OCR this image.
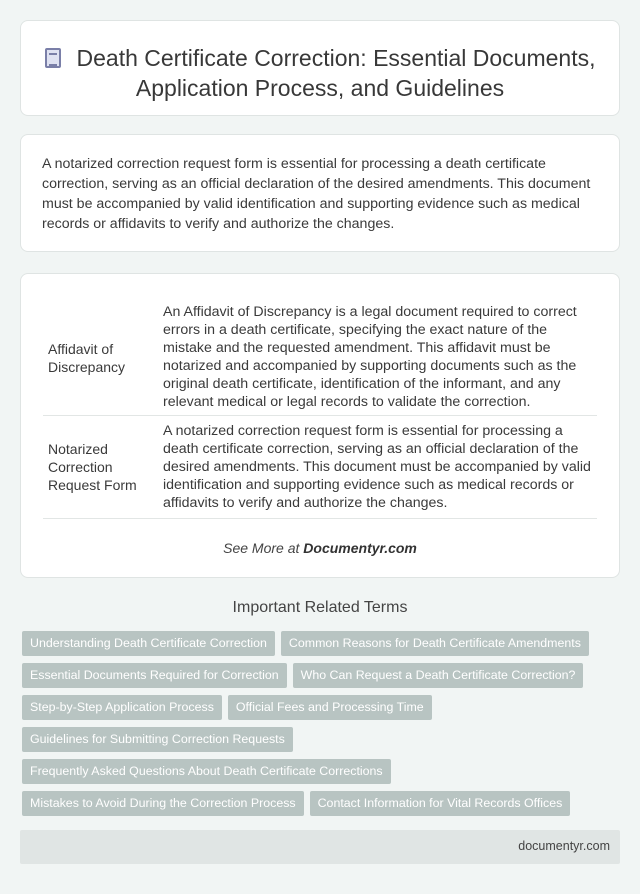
Death Certificate Correction: Essential Documents, Application Process, and Guidelines

A notarized correction request form is essential for processing a death certificate correction, serving as an official declaration of the desired amendments. This document must be accompanied by valid identification and supporting evidence such as medical records or affidavits to verify and authorize the changes.

Affidavit of Discrepancy	An Affidavit of Discrepancy is a legal document required to correct errors in a death certificate, specifying the exact nature of the mistake and the requested amendment. This affidavit must be notarized and accompanied by supporting documents such as the original death certificate, identification of the informant, and any relevant medical or legal records to validate the correction.
Notarized Correction Request Form	A notarized correction request form is essential for processing a death certificate correction, serving as an official declaration of the desired amendments. This document must be accompanied by valid identification and supporting evidence such as medical records or affidavits to verify and authorize the changes.
See More at Documentyr.com
Important Related Terms
Understanding Death Certificate Correction Common Reasons for Death Certificate Amendments
Essential Documents Required for Correction Who Can Request a Death Certificate Correction?
Step-by-Step Application Process Official Fees and Processing Time
Guidelines for Submitting Correction Requests
Frequently Asked Questions About Death Certificate Corrections
Mistakes to Avoid During the Correction Process Contact Information for Vital Records Offices
documentyr.com
